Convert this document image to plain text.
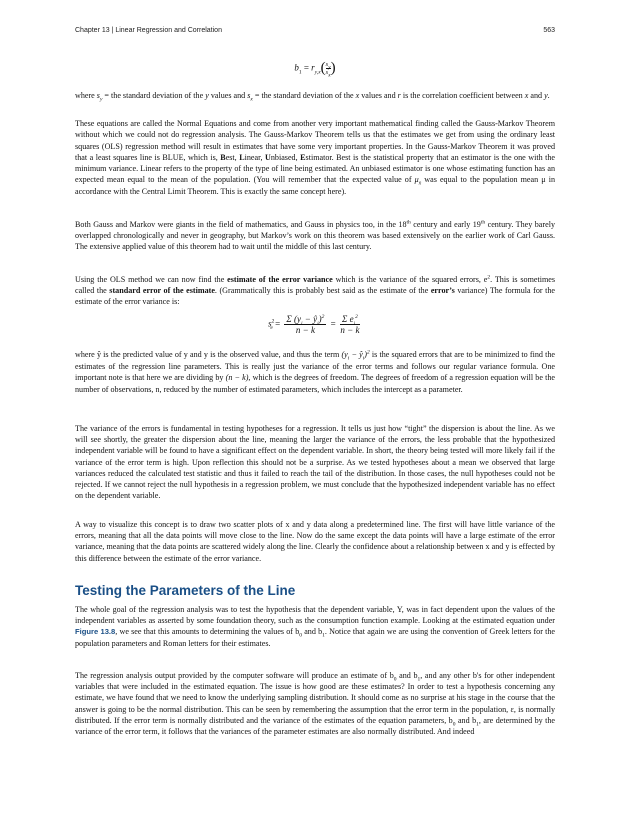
Chapter 13 | Linear Regression and Correlation	563
$b_1 = r_{y,x}( \frac{s_y}{s_x}$ )

where $s_y$ = the standard deviation of the y values and $s_x$ = the standard deviation of the x values and r is the correlation coefficient between x and y.

These equations are called the Normal Equations and come from another very important mathematical finding called the Gauss-Markov Theorem without which we could not do regression analysis. The Gauss-Markov Theorem tells us that the estimates we get from using the ordinary least squares (OLS) regression method will result in estimates that have some very important properties. In the Gauss-Markov Theorem it was proved that a least squares line is BLUE, which is, Best, Linear, Unbiased, Estimator. Best is the statistical property that an estimator is the one with the minimum variance. Linear refers to the property of the type of line being estimated. An unbiased estimator is one whose estimating function has an expected mean equal to the mean of the population. (You will remember that the expected value of $\mu_{x̄}$ was equal to the population mean μ in accordance with the Central Limit Theorem. This is exactly the same concept here).

Both Gauss and Markov were giants in the field of mathematics, and Gauss in physics too, in the 18th century and early 19th century. They barely overlapped chronologically and never in geography, but Markov’s work on this theorem was based extensively on the earlier work of Carl Gauss. The extensive applied value of this theorem had to wait until the middle of this last century.

Using the OLS method we can now find the estimate of the error variance which is the variance of the squared errors, $e^2$. This is sometimes called the standard error of the estimate. (Grammatically this is probably best said as the estimate of the error’s variance) The formula for the estimate of the error variance is:

$s^2_e = \frac{\Sigma (y_i - ŷ_i)^2}{n - k} = \frac{\Sigma e_i^2}{n - k}$

where ŷ is the predicted value of y and y is the observed value, and thus the term ($y_i$ − $ŷ_i)^2$ is the squared errors that are to be minimized to find the estimates of the regression line parameters. This is really just the variance of the error terms and follows our regular variance formula. One important note is that here we are dividing by (n − k), which is the degrees of freedom. The degrees of freedom of a regression equation will be the number of observations, n, reduced by the number of estimated parameters, which includes the intercept as a parameter.

The variance of the errors is fundamental in testing hypotheses for a regression. It tells us just how “tight” the dispersion is about the line. As we will see shortly, the greater the dispersion about the line, meaning the larger the variance of the errors, the less probable that the hypothesized independent variable will be found to have a significant effect on the dependent variable. In short, the theory being tested will more likely fail if the variance of the error term is high. Upon reflection this should not be a surprise. As we tested hypotheses about a mean we observed that large variances reduced the calculated test statistic and thus it failed to reach the tail of the distribution. In those cases, the null hypotheses could not be rejected. If we cannot reject the null hypothesis in a regression problem, we must conclude that the hypothesized independent variable has no effect on the dependent variable.

A way to visualize this concept is to draw two scatter plots of x and y data along a predetermined line. The first will have little variance of the errors, meaning that all the data points will move close to the line. Now do the same except the data points will have a large estimate of the error variance, meaning that the data points are scattered widely along the line. Clearly the confidence about a relationship between x and y is effected by this difference between the estimate of the error variance.

Testing the Parameters of the Line

The whole goal of the regression analysis was to test the hypothesis that the dependent variable, Y, was in fact dependent upon the values of the independent variables as asserted by some foundation theory, such as the consumption function example. Looking at the estimated equation under Figure 13.8, we see that this amounts to determining the values of $b_0$ and $b_1$. Notice that again we are using the convention of Greek letters for the population parameters and Roman letters for their estimates.

The regression analysis output provided by the computer software will produce an estimate of $b_0$ and $b_1$, and any other b's for other independent variables that were included in the estimated equation. The issue is how good are these estimates? In order to test a hypothesis concerning any estimate, we have found that we need to know the underlying sampling distribution. It should come as no surprise at his stage in the course that the answer is going to be the normal distribution. This can be seen by remembering the assumption that the error term in the population, ε, is normally distributed. If the error term is normally distributed and the variance of the estimates of the equation parameters, $b_0$ and $b_1$, are determined by the variance of the error term, it follows that the variances of the parameter estimates are also normally distributed. And indeed
